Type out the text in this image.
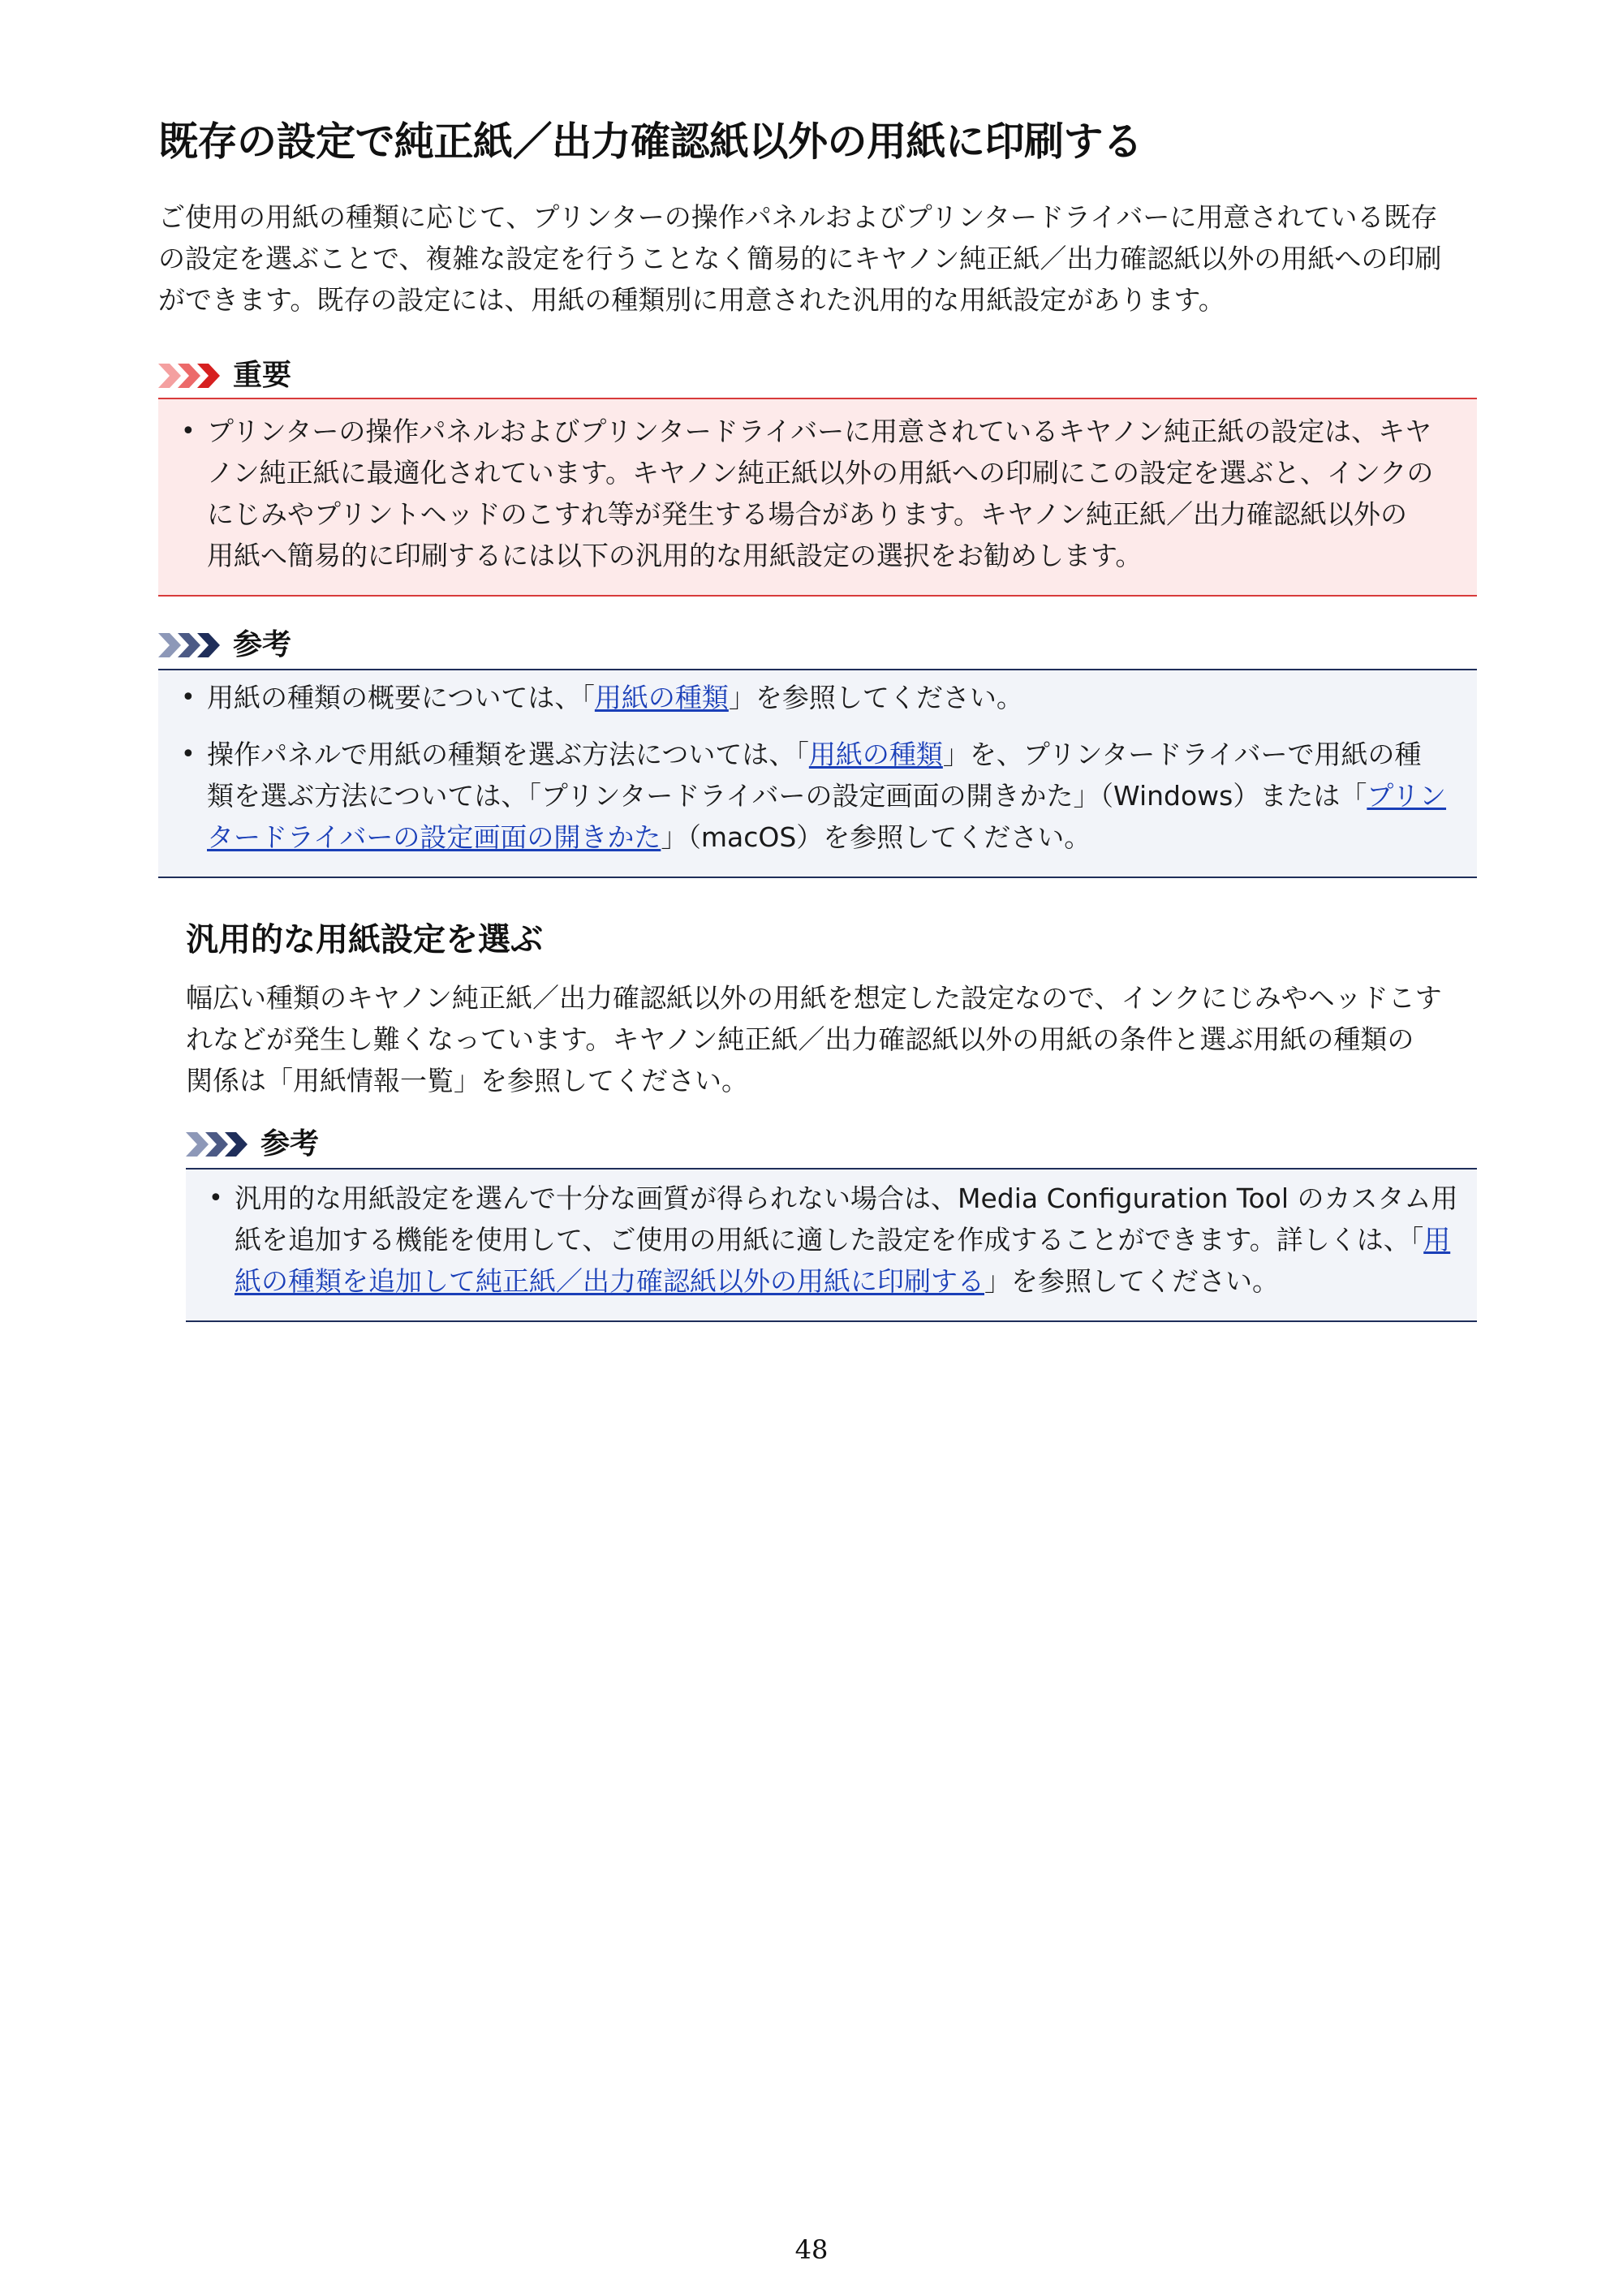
既存の設定で純正紙／出力確認紙以外の用紙に印刷する
ご使用の用紙の種類に応じて、プリンターの操作パネルおよびプリンタードライバーに用意されている既存
の設定を選ぶことで、複雑な設定を行うことなく簡易的にキヤノン純正紙／出力確認紙以外の用紙への印刷
ができます。既存の設定には、用紙の種類別に用意された汎用的な用紙設定があります。
重要
• プリンターの操作パネルおよびプリンタードライバーに用意されているキヤノン純正紙の設定は、キヤ
ノン純正紙に最適化されています。キヤノン純正紙以外の用紙への印刷にこの設定を選ぶと、インクの
にじみやプリントヘッドのこすれ等が発生する場合があります。キヤノン純正紙／出力確認紙以外の
用紙へ簡易的に印刷するには以下の汎用的な用紙設定の選択をお勧めします。
参考
• 用紙の種類の概要については、「用紙の種類」を参照してください。
• 操作パネルで用紙の種類を選ぶ方法については、「用紙の種類」を、プリンタードライバーで用紙の種
類を選ぶ方法については、「プリンタードライバーの設定画面の開きかた」（Windows）または「プリン
タードライバーの設定画面の開きかた」（macOS）を参照してください。
汎用的な用紙設定を選ぶ
幅広い種類のキヤノン純正紙／出力確認紙以外の用紙を想定した設定なので、インクにじみやヘッドこす
れなどが発生し難くなっています。キヤノン純正紙／出力確認紙以外の用紙の条件と選ぶ用紙の種類の
関係は「用紙情報一覧」を参照してください。
参考
• 汎用的な用紙設定を選んで十分な画質が得られない場合は、Media Configuration Tool のカスタム用
紙を追加する機能を使用して、ご使用の用紙に適した設定を作成することができます。詳しくは、「用
紙の種類を追加して純正紙／出力確認紙以外の用紙に印刷する」を参照してください。
48
